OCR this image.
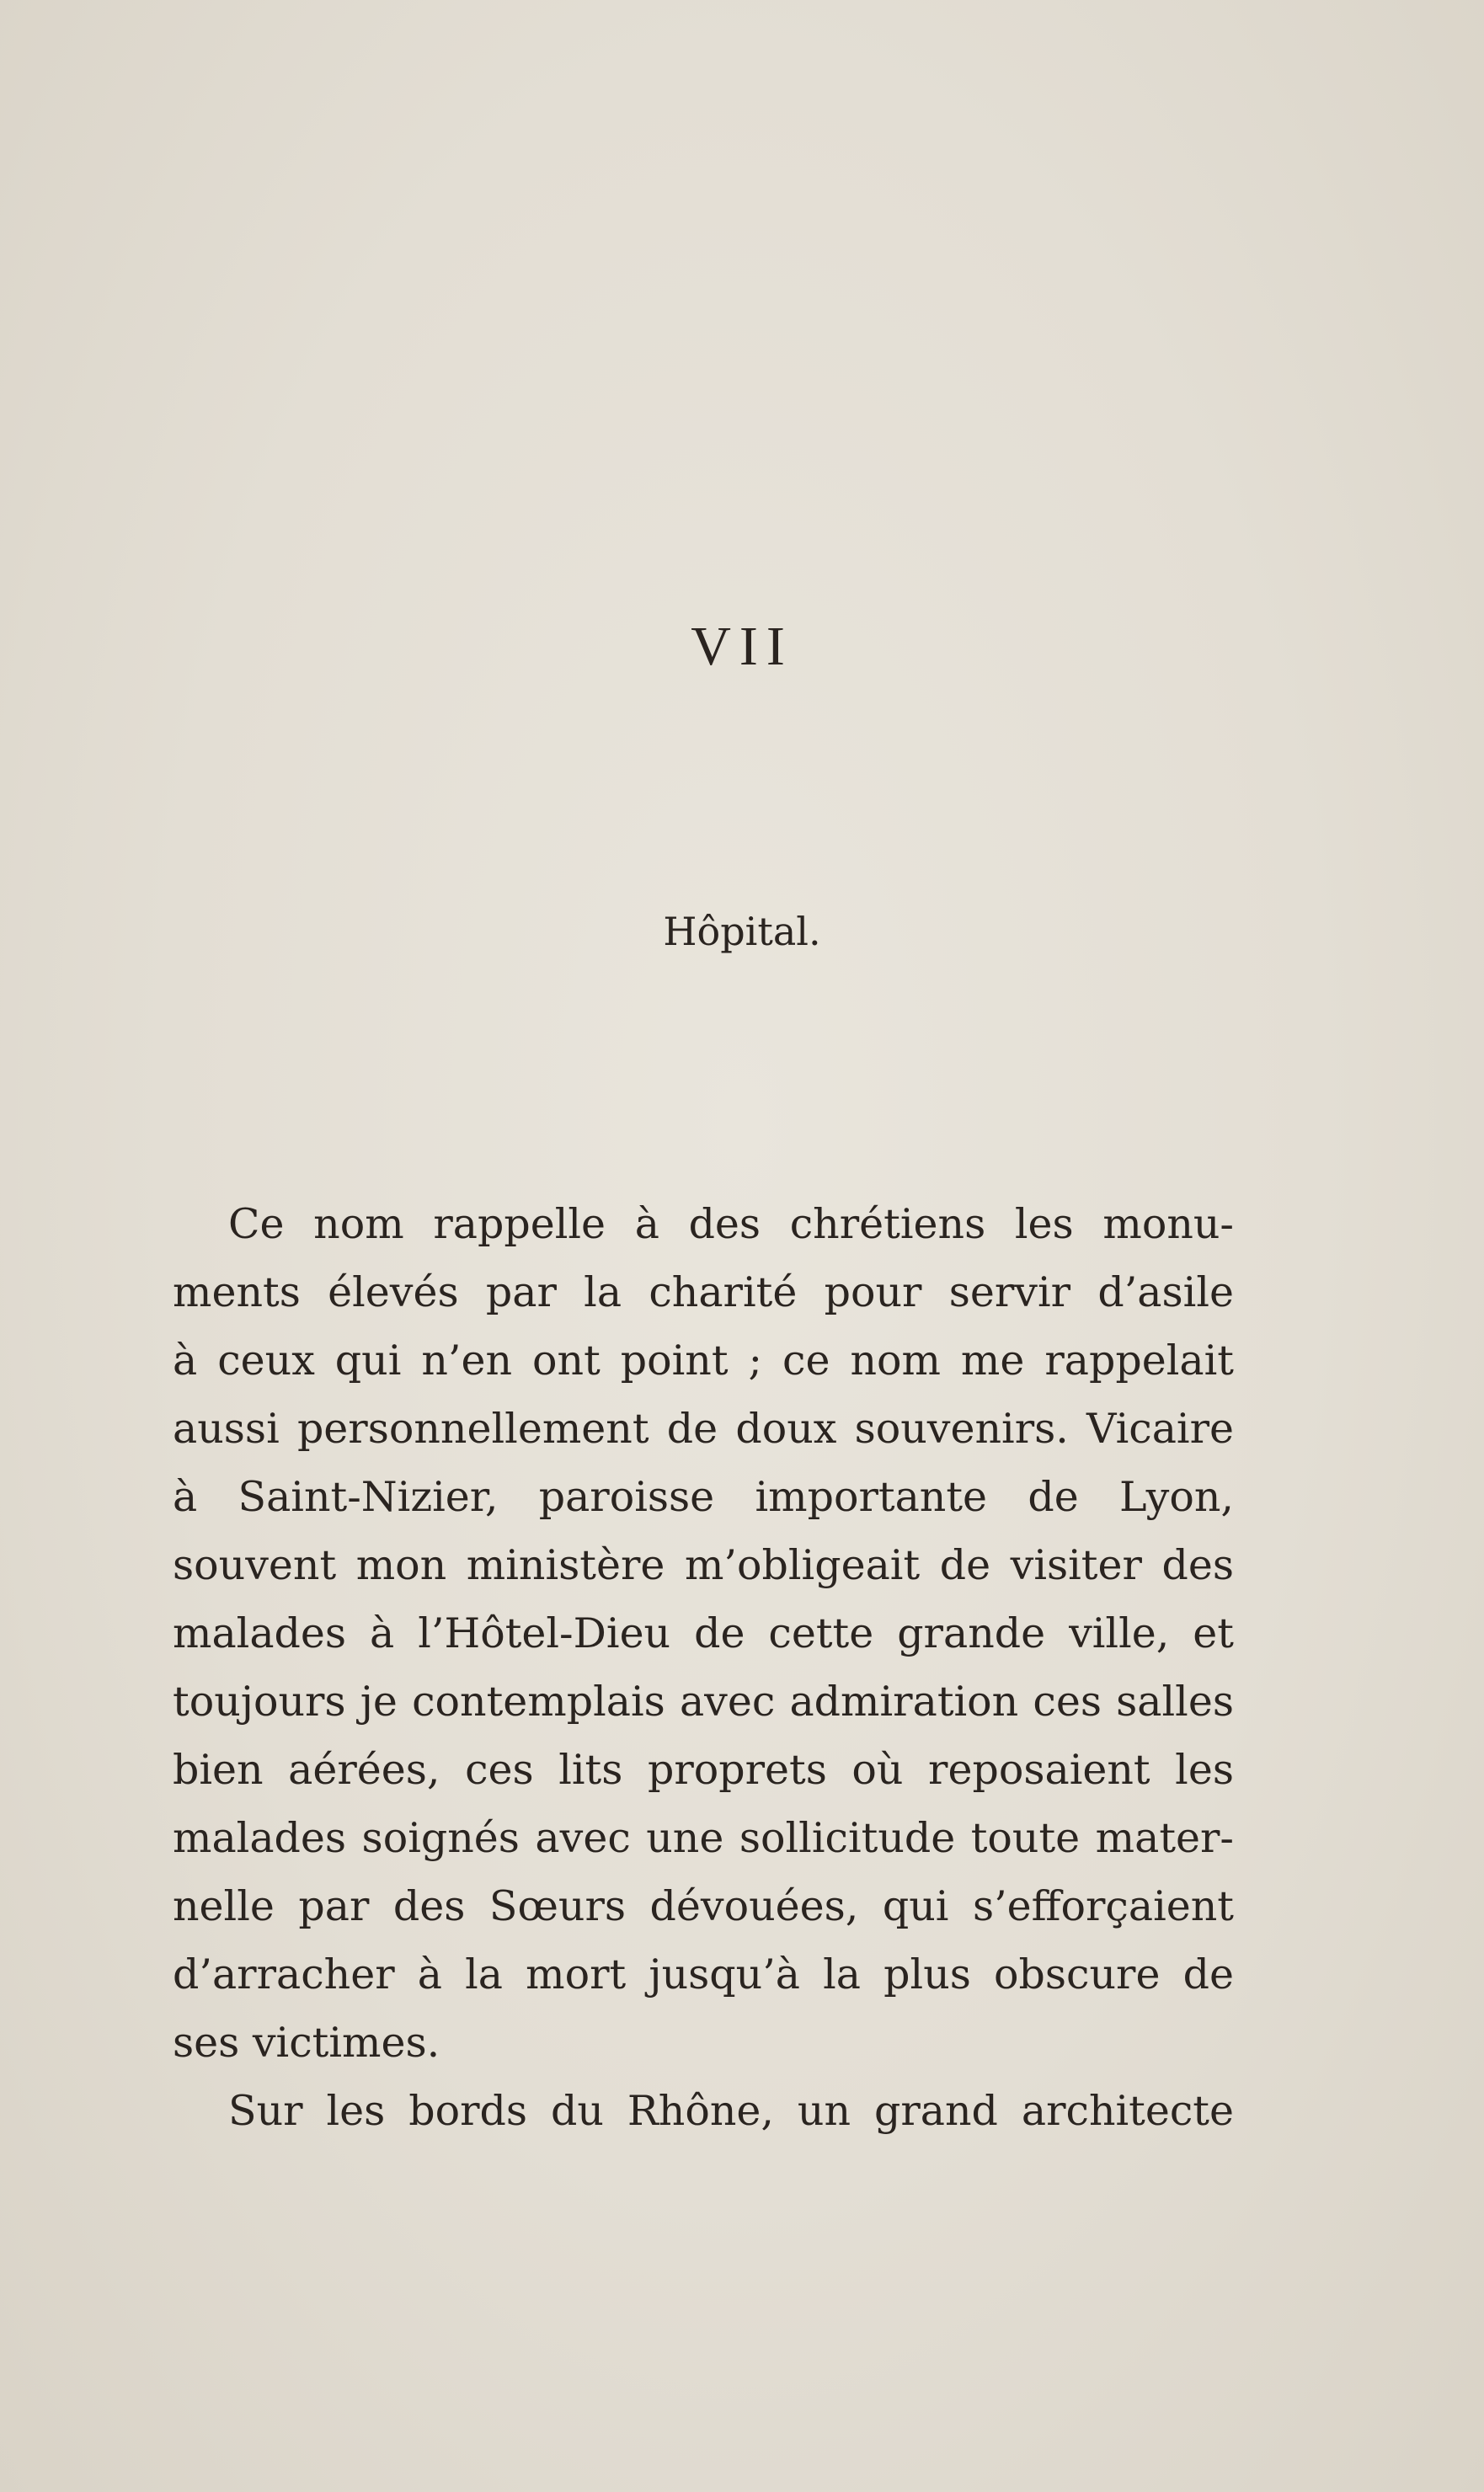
VII
Hôpital.
Ce nom rappelle à des chrétiens les monu-
ments élevés par la charité pour servir d’asile
à ceux qui n’en ont point ; ce nom me rappelait
aussi personnellement de doux souvenirs. Vicaire
à Saint-Nizier, paroisse importante de Lyon,
souvent mon ministère m’obligeait de visiter des
malades à l’Hôtel-Dieu de cette grande ville, et
toujours je contemplais avec admiration ces salles
bien aérées, ces lits proprets où reposaient les
malades soignés avec une sollicitude toute mater-
nelle par des Sœurs dévouées, qui s’efforçaient
d’arracher à la mort jusqu’à la plus obscure de
ses victimes.
Sur les bords du Rhône, un grand architecte
